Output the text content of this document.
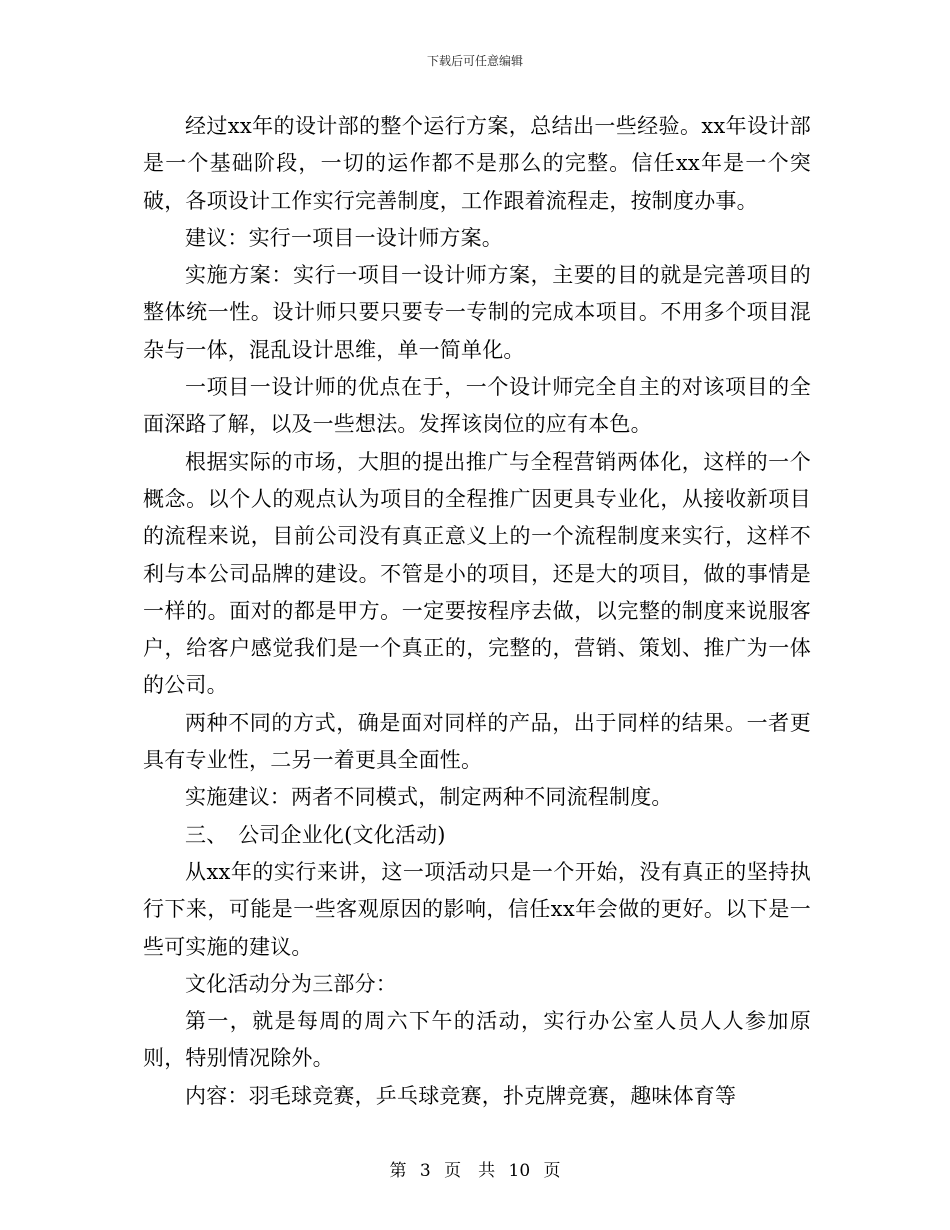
下载后可任意编辑

经过xx年的设计部的整个运行方案，总结出一些经验。xx年设计部是一个基础阶段，一切的运作都不是那么的完整。信任xx年是一个突破，各项设计工作实行完善制度，工作跟着流程走，按制度办事。

建议：实行一项目一设计师方案。

实施方案：实行一项目一设计师方案，主要的目的就是完善项目的整体统一性。设计师只要只要专一专制的完成本项目。不用多个项目混杂与一体，混乱设计思维，单一简单化。

一项目一设计师的优点在于，一个设计师完全自主的对该项目的全面深路了解，以及一些想法。发挥该岗位的应有本色。

根据实际的市场，大胆的提出推广与全程营销两体化，这样的一个概念。以个人的观点认为项目的全程推广因更具专业化，从接收新项目的流程来说，目前公司没有真正意义上的一个流程制度来实行，这样不利与本公司品牌的建设。不管是小的项目，还是大的项目，做的事情是一样的。面对的都是甲方。一定要按程序去做，以完整的制度来说服客户，给客户感觉我们是一个真正的，完整的，营销、策划、推广为一体的公司。

两种不同的方式，确是面对同样的产品，出于同样的结果。一者更具有专业性，二另一着更具全面性。

实施建议：两者不同模式，制定两种不同流程制度。

三、　公司企业化(文化活动)

从xx年的实行来讲，这一项活动只是一个开始，没有真正的坚持执行下来，可能是一些客观原因的影响，信任xx年会做的更好。以下是一些可实施的建议。

文化活动分为三部分：

第一，就是每周的周六下午的活动，实行办公室人员人人参加原则，特别情况除外。

内容：羽毛球竞赛，乒乓球竞赛，扑克牌竞赛，趣味体育等

第 3 页　共 10 页
